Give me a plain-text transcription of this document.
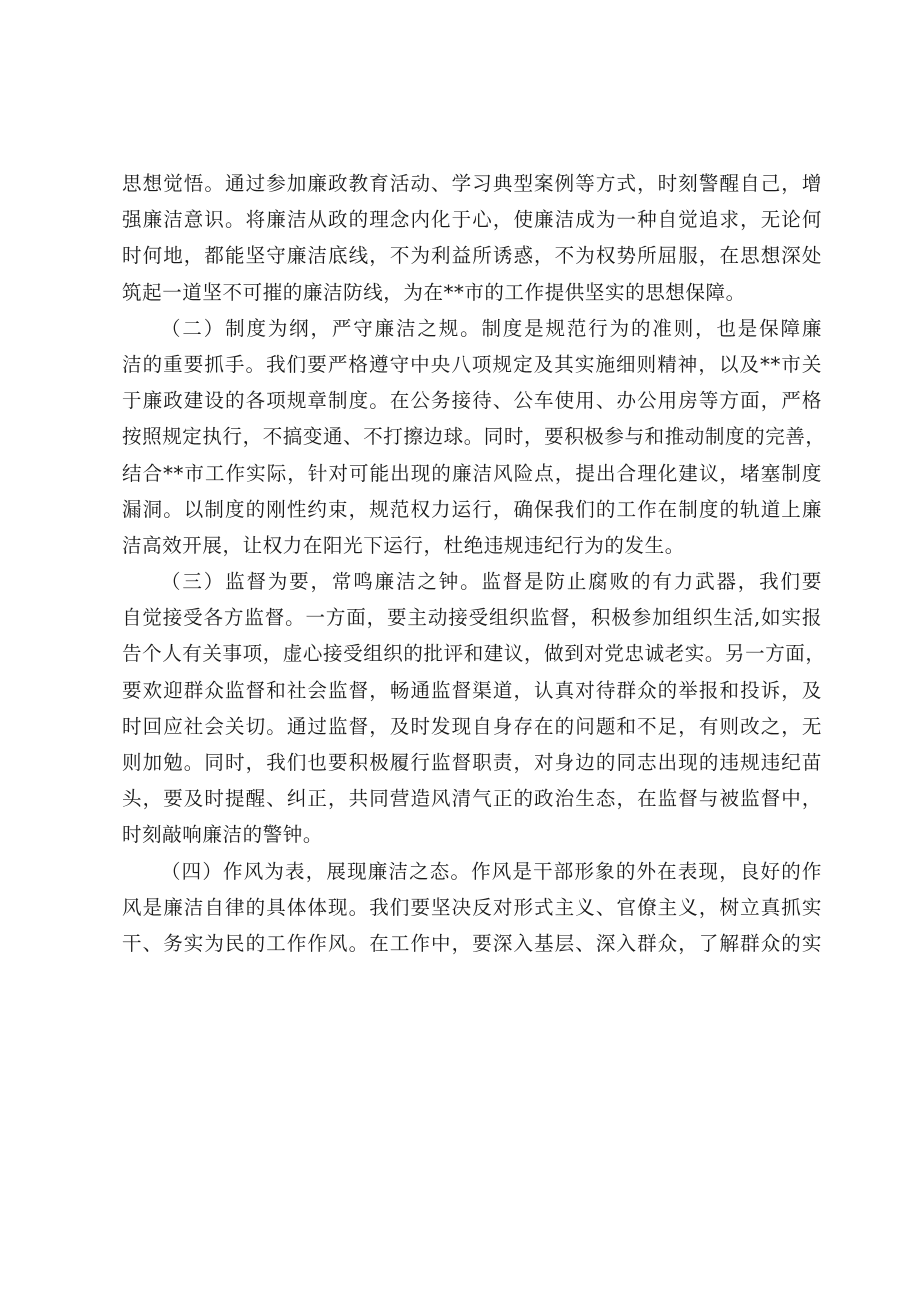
思想觉悟。通过参加廉政教育活动、学习典型案例等方式，时刻警醒自己，增
强廉洁意识。将廉洁从政的理念内化于心，使廉洁成为一种自觉追求，无论何
时何地，都能坚守廉洁底线，不为利益所诱惑，不为权势所屈服，在思想深处
筑起一道坚不可摧的廉洁防线，为在**市的工作提供坚实的思想保障。

（二）制度为纲，严守廉洁之规。制度是规范行为的准则，也是保障廉
洁的重要抓手。我们要严格遵守中央八项规定及其实施细则精神，以及**市关
于廉政建设的各项规章制度。在公务接待、公车使用、办公用房等方面，严格
按照规定执行，不搞变通、不打擦边球。同时，要积极参与和推动制度的完善，
结合**市工作实际，针对可能出现的廉洁风险点，提出合理化建议，堵塞制度
漏洞。以制度的刚性约束，规范权力运行，确保我们的工作在制度的轨道上廉
洁高效开展，让权力在阳光下运行，杜绝违规违纪行为的发生。

（三）监督为要，常鸣廉洁之钟。监督是防止腐败的有力武器，我们要
自觉接受各方监督。一方面，要主动接受组织监督，积极参加组织生活,如实报
告个人有关事项，虚心接受组织的批评和建议，做到对党忠诚老实。另一方面，
要欢迎群众监督和社会监督，畅通监督渠道，认真对待群众的举报和投诉，及
时回应社会关切。通过监督，及时发现自身存在的问题和不足，有则改之，无
则加勉。同时，我们也要积极履行监督职责，对身边的同志出现的违规违纪苗
头，要及时提醒、纠正，共同营造风清气正的政治生态，在监督与被监督中，
时刻敲响廉洁的警钟。

（四）作风为表，展现廉洁之态。作风是干部形象的外在表现，良好的作
风是廉洁自律的具体体现。我们要坚决反对形式主义、官僚主义，树立真抓实
干、务实为民的工作作风。在工作中，要深入基层、深入群众，了解群众的实
